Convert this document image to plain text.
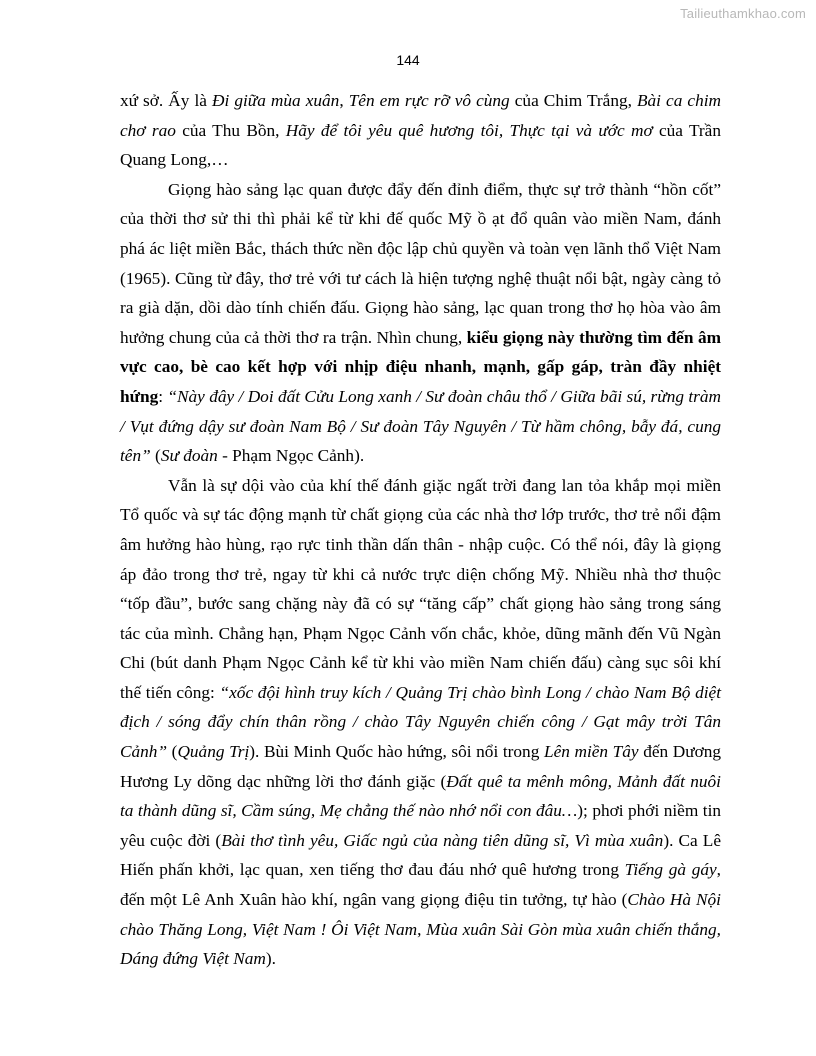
Tailieuthamkhao.com
144

xứ sở. Ấy là Đi giữa mùa xuân, Tên em rực rỡ vô cùng của Chim Trắng, Bài ca chim chơ rao của Thu Bồn, Hãy để tôi yêu quê hương tôi, Thực tại và ước mơ của Trần Quang Long,…

Giọng hào sảng lạc quan được đẩy đến đỉnh điểm, thực sự trở thành “hồn cốt” của thời thơ sử thi thì phải kể từ khi đế quốc Mỹ ồ ạt đổ quân vào miền Nam, đánh phá ác liệt miền Bắc, thách thức nền độc lập chủ quyền và toàn vẹn lãnh thổ Việt Nam (1965). Cũng từ đây, thơ trẻ với tư cách là hiện tượng nghệ thuật nổi bật, ngày càng tỏ ra già dặn, dồi dào tính chiến đấu. Giọng hào sảng, lạc quan trong thơ họ hòa vào âm hưởng chung của cả thời thơ ra trận. Nhìn chung, kiểu giọng này thường tìm đến âm vực cao, bè cao kết hợp với nhịp điệu nhanh, mạnh, gấp gáp, tràn đầy nhiệt hứng: “Này đây / Doi đất Cửu Long xanh / Sư đoàn châu thổ / Giữa bãi sú, rừng tràm / Vụt đứng dậy sư đoàn Nam Bộ / Sư đoàn Tây Nguyên / Từ hầm chông, bẫy đá, cung tên” (Sư đoàn - Phạm Ngọc Cảnh).

Vẫn là sự dội vào của khí thế đánh giặc ngất trời đang lan tỏa khắp mọi miền Tổ quốc và sự tác động mạnh từ chất giọng của các nhà thơ lớp trước, thơ trẻ nổi đậm âm hưởng hào hùng, rạo rực tinh thần dấn thân - nhập cuộc. Có thể nói, đây là giọng áp đảo trong thơ trẻ, ngay từ khi cả nước trực diện chống Mỹ. Nhiều nhà thơ thuộc “tốp đầu”, bước sang chặng này đã có sự “tăng cấp” chất giọng hào sảng trong sáng tác của mình. Chẳng hạn, Phạm Ngọc Cảnh vốn chắc, khỏe, dũng mãnh đến Vũ Ngàn Chi (bút danh Phạm Ngọc Cảnh kể từ khi vào miền Nam chiến đấu) càng sục sôi khí thế tiến công: “xốc đội hình truy kích / Quảng Trị chào bình Long / chào Nam Bộ diệt địch / sóng đẩy chín thân rồng / chào Tây Nguyên chiến công / Gạt mây trời Tân Cảnh” (Quảng Trị). Bùi Minh Quốc hào hứng, sôi nổi trong Lên miền Tây đến Dương Hương Ly dõng dạc những lời thơ đánh giặc (Đất quê ta mênh mông, Mảnh đất nuôi ta thành dũng sĩ, Cầm súng, Mẹ chẳng thế nào nhớ nổi con đâu…); phơi phới niềm tin yêu cuộc đời (Bài thơ tình yêu, Giấc ngủ của nàng tiên dũng sĩ, Vì mùa xuân). Ca Lê Hiến phấn khởi, lạc quan, xen tiếng thơ đau đáu nhớ quê hương trong Tiếng gà gáy, đến một Lê Anh Xuân hào khí, ngân vang giọng điệu tin tưởng, tự hào (Chào Hà Nội chào Thăng Long, Việt Nam ! Ôi Việt Nam, Mùa xuân Sài Gòn mùa xuân chiến thắng, Dáng đứng Việt Nam).
